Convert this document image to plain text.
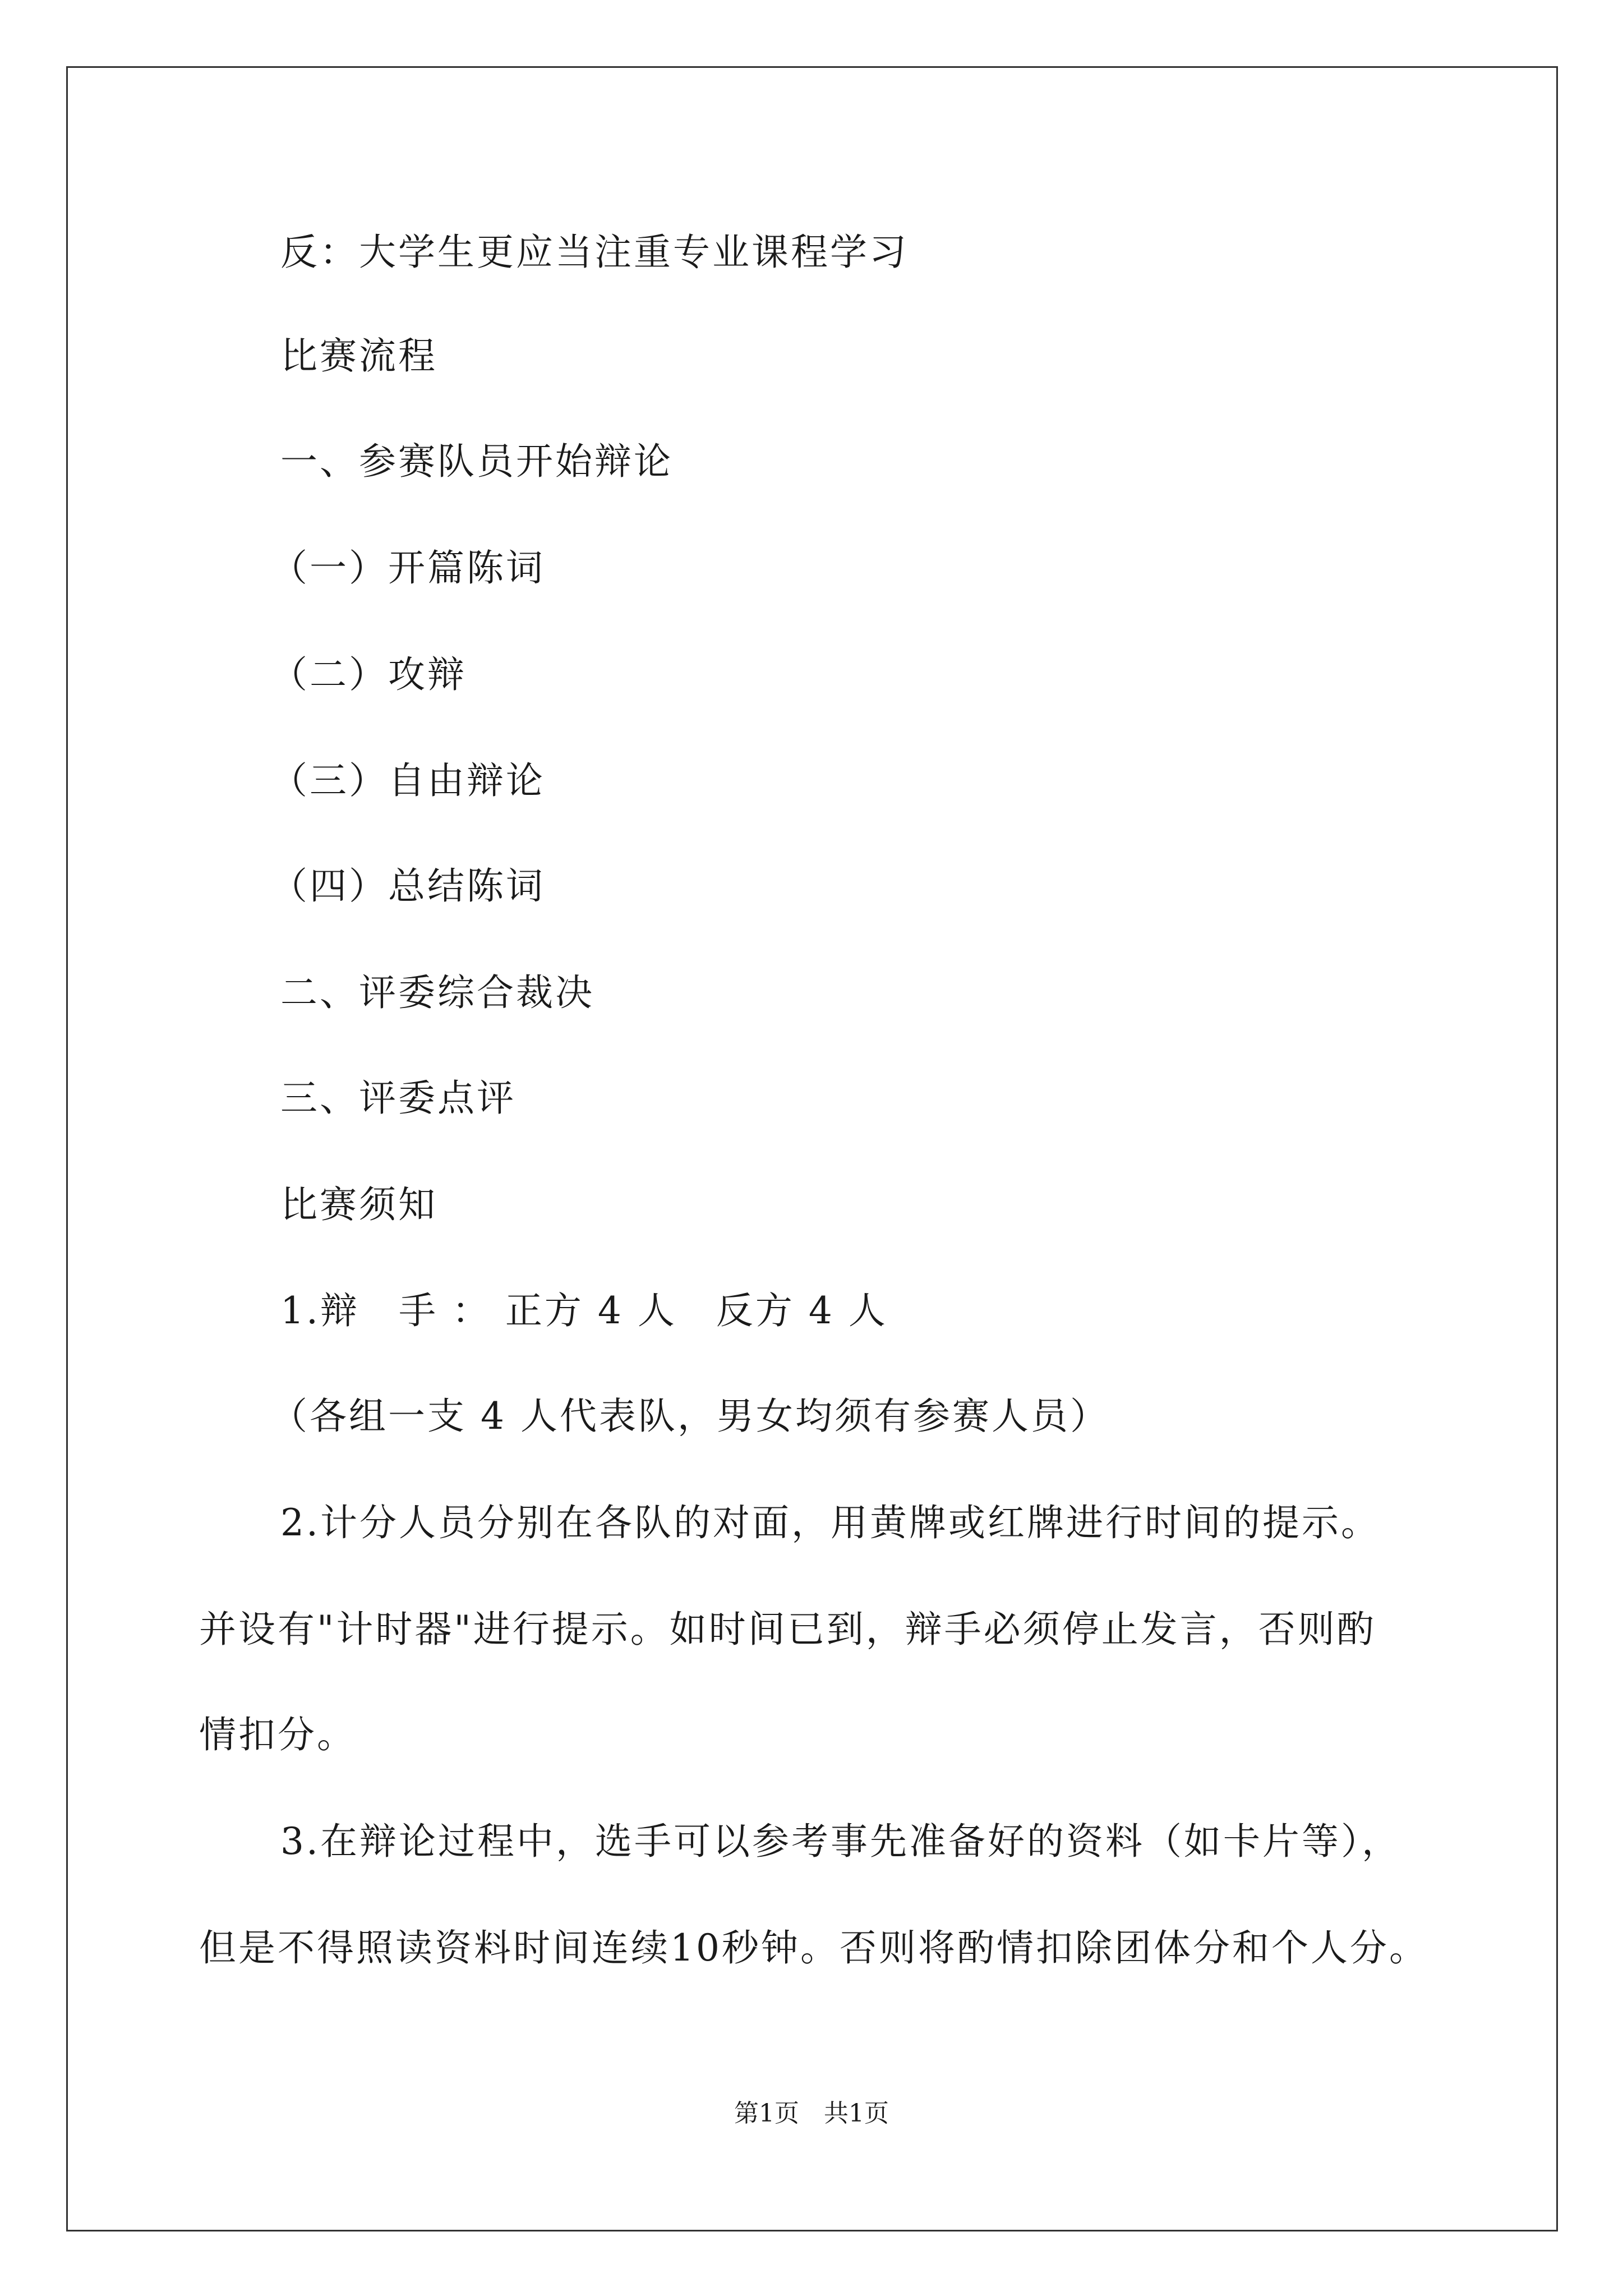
反：大学生更应当注重专业课程学习
比赛流程
一、参赛队员开始辩论
（一）开篇陈词
（二）攻辩
（三）自由辩论
（四）总结陈词
二、评委综合裁决
三、评委点评
比赛须知
1.辩　手 ： 正方 4 人　反方 4 人
（各组一支 4 人代表队，男女均须有参赛人员）
2.计分人员分别在各队的对面，用黄牌或红牌进行时间的提示。
并设有"计时器"进行提示。如时间已到，辩手必须停止发言，否则酌
情扣分。
3.在辩论过程中，选手可以参考事先准备好的资料（如卡片等），
但是不得照读资料时间连续10秒钟。否则将酌情扣除团体分和个人分。
第1页　共1页
